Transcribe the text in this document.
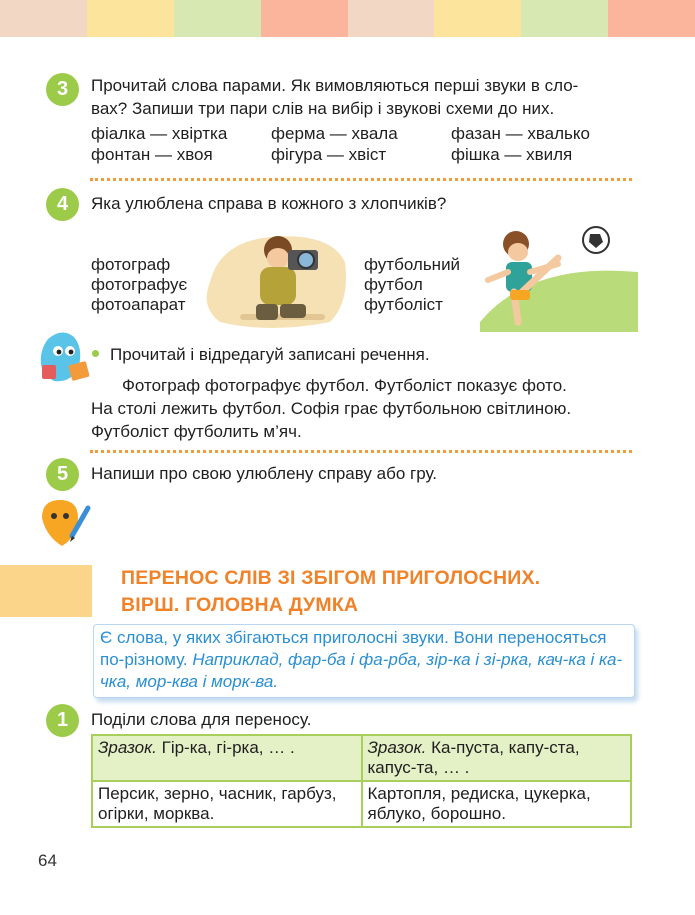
3	Прочитай слова парами. Як вимовляються перші звуки в сло-
вах? Запиши три пари слів на вибір і звукові схеми до них.
фіалка — хвіртка	ферма — хвала	фазан — хвалько
фонтан — хвоя	фігура — хвіст	фішка — хвиля
4	Яка улюблена справа в кожного з хлопчиків?
фотограф
фотографує
фотоапарат
футбольний
футбол
футболіст
Прочитай і відредагуй записані речення.
Фотограф фотографує футбол. Футболіст показує фото.
На столі лежить футбол. Софія грає футбольною світлиною.
Футболіст футболить м’яч.
5	Напиши про свою улюблену справу або гру.
ПЕРЕНОС СЛІВ ЗІ ЗБІГОМ ПРИГОЛОСНИХ.
ВІРШ. ГОЛОВНА ДУМКА
Є слова, у яких збігаються приголосні звуки. Вони переносяться по-різному. Наприклад, фар-ба і фа-рба, зір-ка і зі-рка, кач-ка і ка-чка, мор-ква і морк-ва.
1	Поділи слова для переносу.
Зразок. Гір-ка, гі-рка, … .	Зразок. Ка-пуста, капу-ста, капус-та, … .
Персик, зерно, часник, гарбуз, огірки, морква.	Картопля, редиска, цукерка, яблуко, борошно.
64
